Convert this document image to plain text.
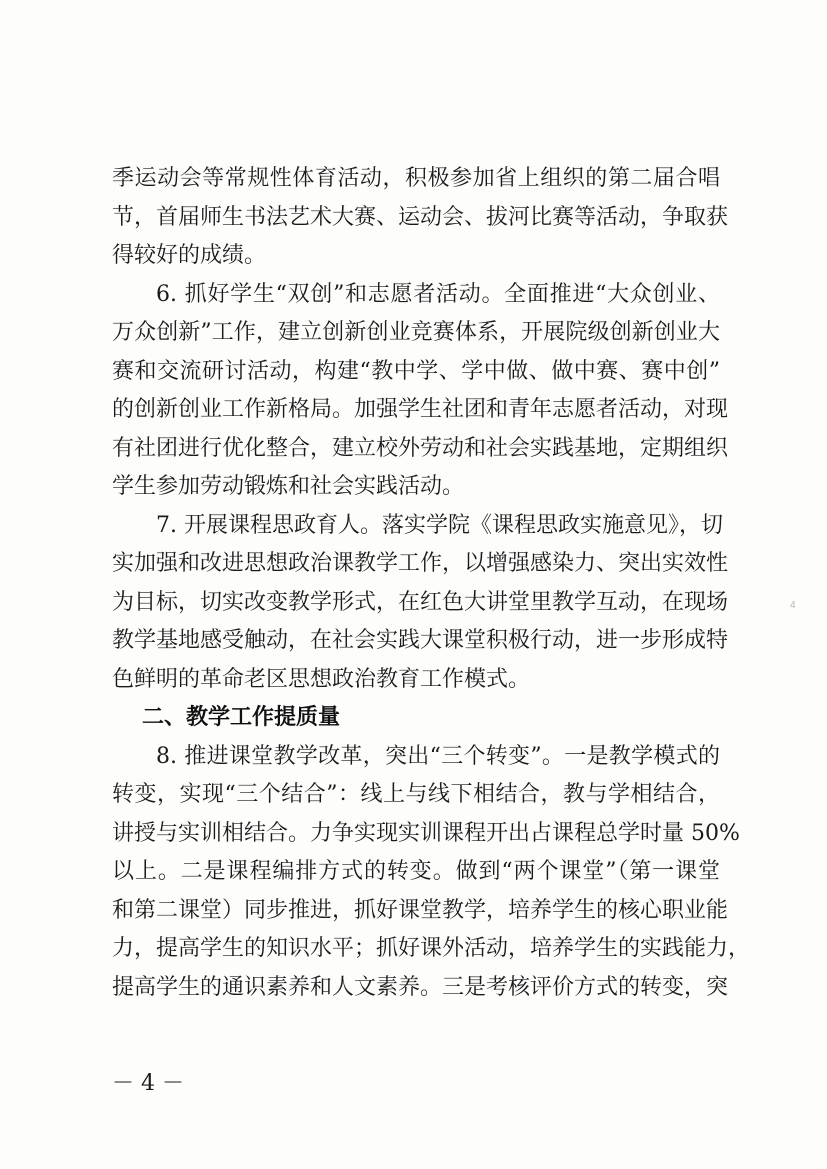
季运动会等常规性体育活动，积极参加省上组织的第二届合唱
节，首届师生书法艺术大赛、运动会、拔河比赛等活动，争取获
得较好的成绩。
6. 抓好学生“双创”和志愿者活动。全面推进“大众创业、
万众创新”工作，建立创新创业竞赛体系，开展院级创新创业大
赛和交流研讨活动，构建“教中学、学中做、做中赛、赛中创”
的创新创业工作新格局。加强学生社团和青年志愿者活动，对现
有社团进行优化整合，建立校外劳动和社会实践基地，定期组织
学生参加劳动锻炼和社会实践活动。
7. 开展课程思政育人。落实学院《课程思政实施意见》，切
实加强和改进思想政治课教学工作，以增强感染力、突出实效性
为目标，切实改变教学形式，在红色大讲堂里教学互动，在现场
教学基地感受触动，在社会实践大课堂积极行动，进一步形成特
色鲜明的革命老区思想政治教育工作模式。
二、教学工作提质量
8. 推进课堂教学改革，突出“三个转变”。一是教学模式的
转变，实现“三个结合”：线上与线下相结合，教与学相结合，
讲授与实训相结合。力争实现实训课程开出占课程总学时量 50%
以上。二是课程编排方式的转变。做到“两个课堂”（第一课堂
和第二课堂）同步推进，抓好课堂教学，培养学生的核心职业能
力，提高学生的知识水平；抓好课外活动，培养学生的实践能力，
提高学生的通识素养和人文素养。三是考核评价方式的转变，突
－ 4 －
4
